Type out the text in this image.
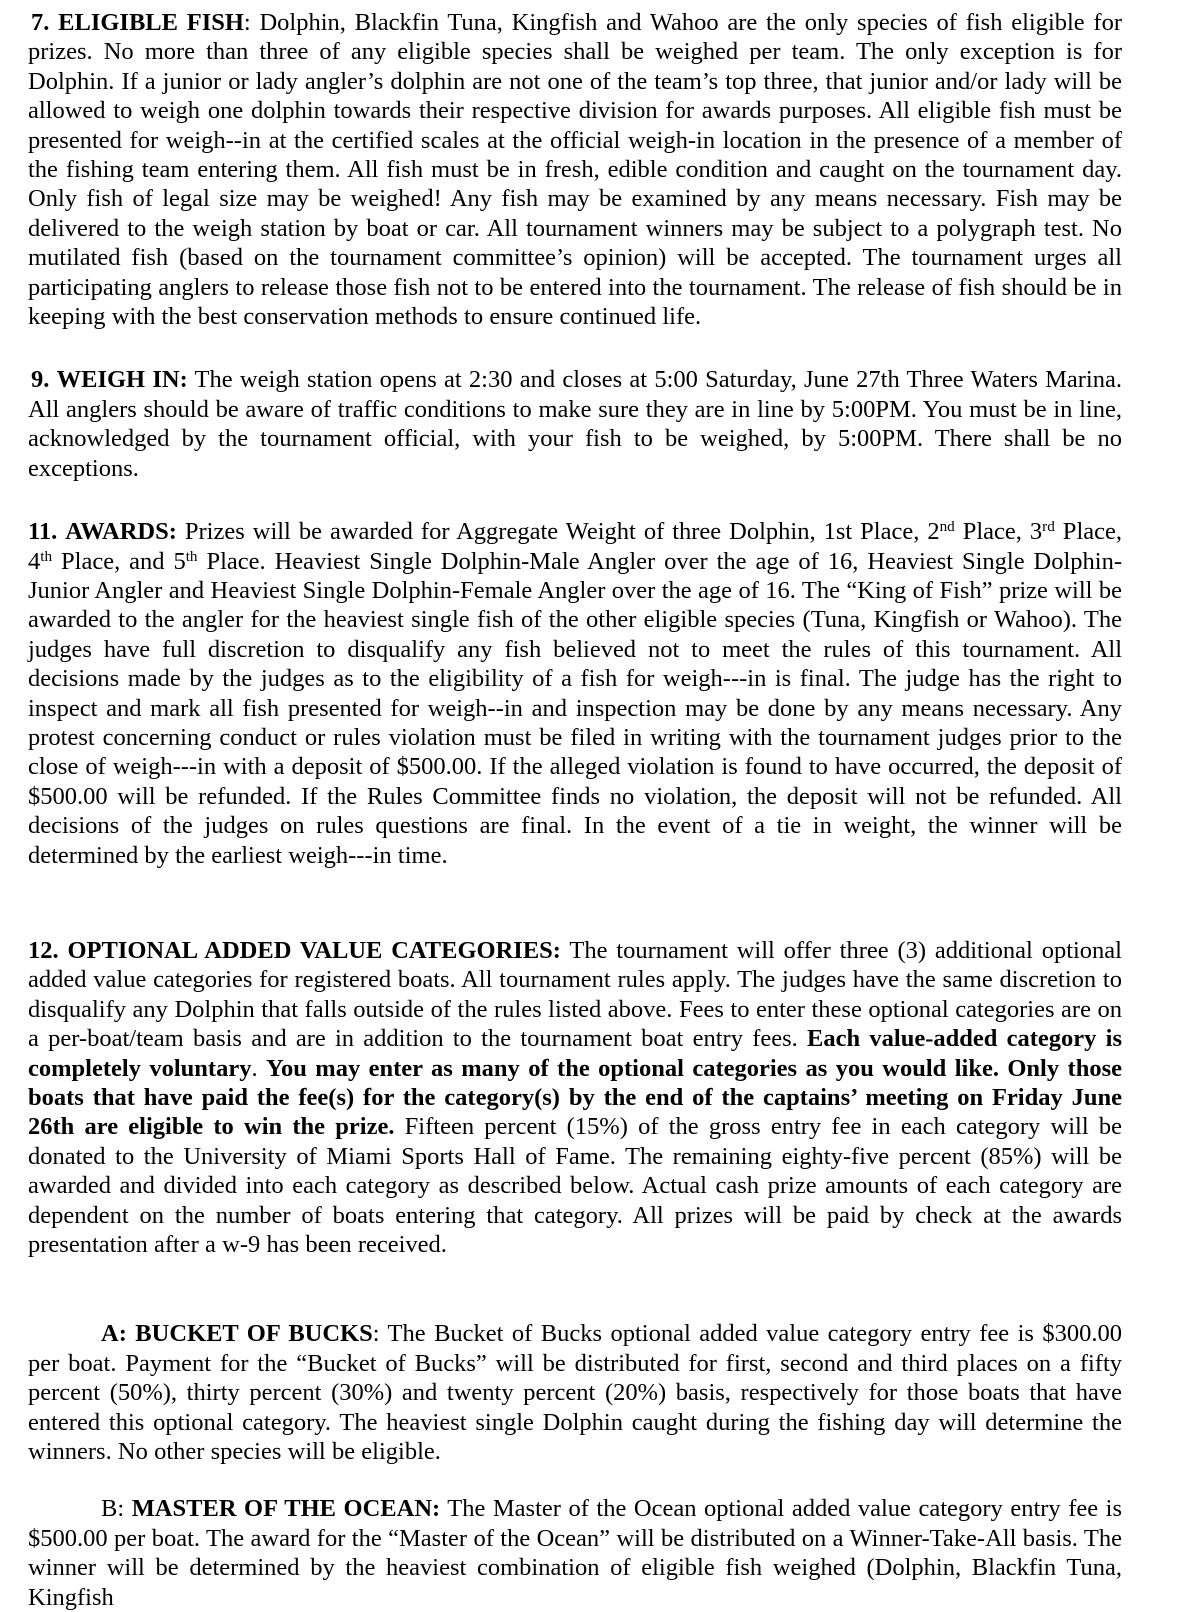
7. ELIGIBLE FISH: Dolphin, Blackfin Tuna, Kingfish and Wahoo are the only species of fish eligible for prizes. No more than three of any eligible species shall be weighed per team. The only exception is for Dolphin. If a junior or lady angler’s dolphin are not one of the team’s top three, that junior and/or lady will be allowed to weigh one dolphin towards their respective division for awards purposes. All eligible fish must be presented for weigh--in at the certified scales at the official weigh-in location in the presence of a member of the fishing team entering them. All fish must be in fresh, edible condition and caught on the tournament day. Only fish of legal size may be weighed! Any fish may be examined by any means necessary. Fish may be delivered to the weigh station by boat or car. All tournament winners may be subject to a polygraph test. No mutilated fish (based on the tournament committee’s opinion) will be accepted. The tournament urges all participating anglers to release those fish not to be entered into the tournament. The release of fish should be in keeping with the best conservation methods to ensure continued life.

9. WEIGH IN: The weigh station opens at 2:30 and closes at 5:00 Saturday, June 27th Three Waters Marina. All anglers should be aware of traffic conditions to make sure they are in line by 5:00PM. You must be in line, acknowledged by the tournament official, with your fish to be weighed, by 5:00PM. There shall be no exceptions.

11. AWARDS: Prizes will be awarded for Aggregate Weight of three Dolphin, 1st Place, 2nd Place, 3rd Place, 4th Place, and 5th Place. Heaviest Single Dolphin-Male Angler over the age of 16, Heaviest Single Dolphin-Junior Angler and Heaviest Single Dolphin-Female Angler over the age of 16. The “King of Fish” prize will be awarded to the angler for the heaviest single fish of the other eligible species (Tuna, Kingfish or Wahoo). The judges have full discretion to disqualify any fish believed not to meet the rules of this tournament. All decisions made by the judges as to the eligibility of a fish for weigh---in is final. The judge has the right to inspect and mark all fish presented for weigh--in and inspection may be done by any means necessary. Any protest concerning conduct or rules violation must be filed in writing with the tournament judges prior to the close of weigh---in with a deposit of $500.00. If the alleged violation is found to have occurred, the deposit of $500.00 will be refunded. If the Rules Committee finds no violation, the deposit will not be refunded. All decisions of the judges on rules questions are final. In the event of a tie in weight, the winner will be determined by the earliest weigh---in time.

12. OPTIONAL ADDED VALUE CATEGORIES: The tournament will offer three (3) additional optional added value categories for registered boats. All tournament rules apply. The judges have the same discretion to disqualify any Dolphin that falls outside of the rules listed above. Fees to enter these optional categories are on a per-boat/team basis and are in addition to the tournament boat entry fees. Each value-added category is completely voluntary. You may enter as many of the optional categories as you would like. Only those boats that have paid the fee(s) for the category(s) by the end of the captains’ meeting on Friday June 26th are eligible to win the prize. Fifteen percent (15%) of the gross entry fee in each category will be donated to the University of Miami Sports Hall of Fame. The remaining eighty-five percent (85%) will be awarded and divided into each category as described below. Actual cash prize amounts of each category are dependent on the number of boats entering that category. All prizes will be paid by check at the awards presentation after a w-9 has been received.

A: BUCKET OF BUCKS: The Bucket of Bucks optional added value category entry fee is $300.00 per boat. Payment for the “Bucket of Bucks” will be distributed for first, second and third places on a fifty percent (50%), thirty percent (30%) and twenty percent (20%) basis, respectively for those boats that have entered this optional category. The heaviest single Dolphin caught during the fishing day will determine the winners. No other species will be eligible.

B: MASTER OF THE OCEAN: The Master of the Ocean optional added value category entry fee is $500.00 per boat. The award for the “Master of the Ocean” will be distributed on a Winner-Take-All basis. The winner will be determined by the heaviest combination of eligible fish weighed (Dolphin, Blackfin Tuna, Kingfish
